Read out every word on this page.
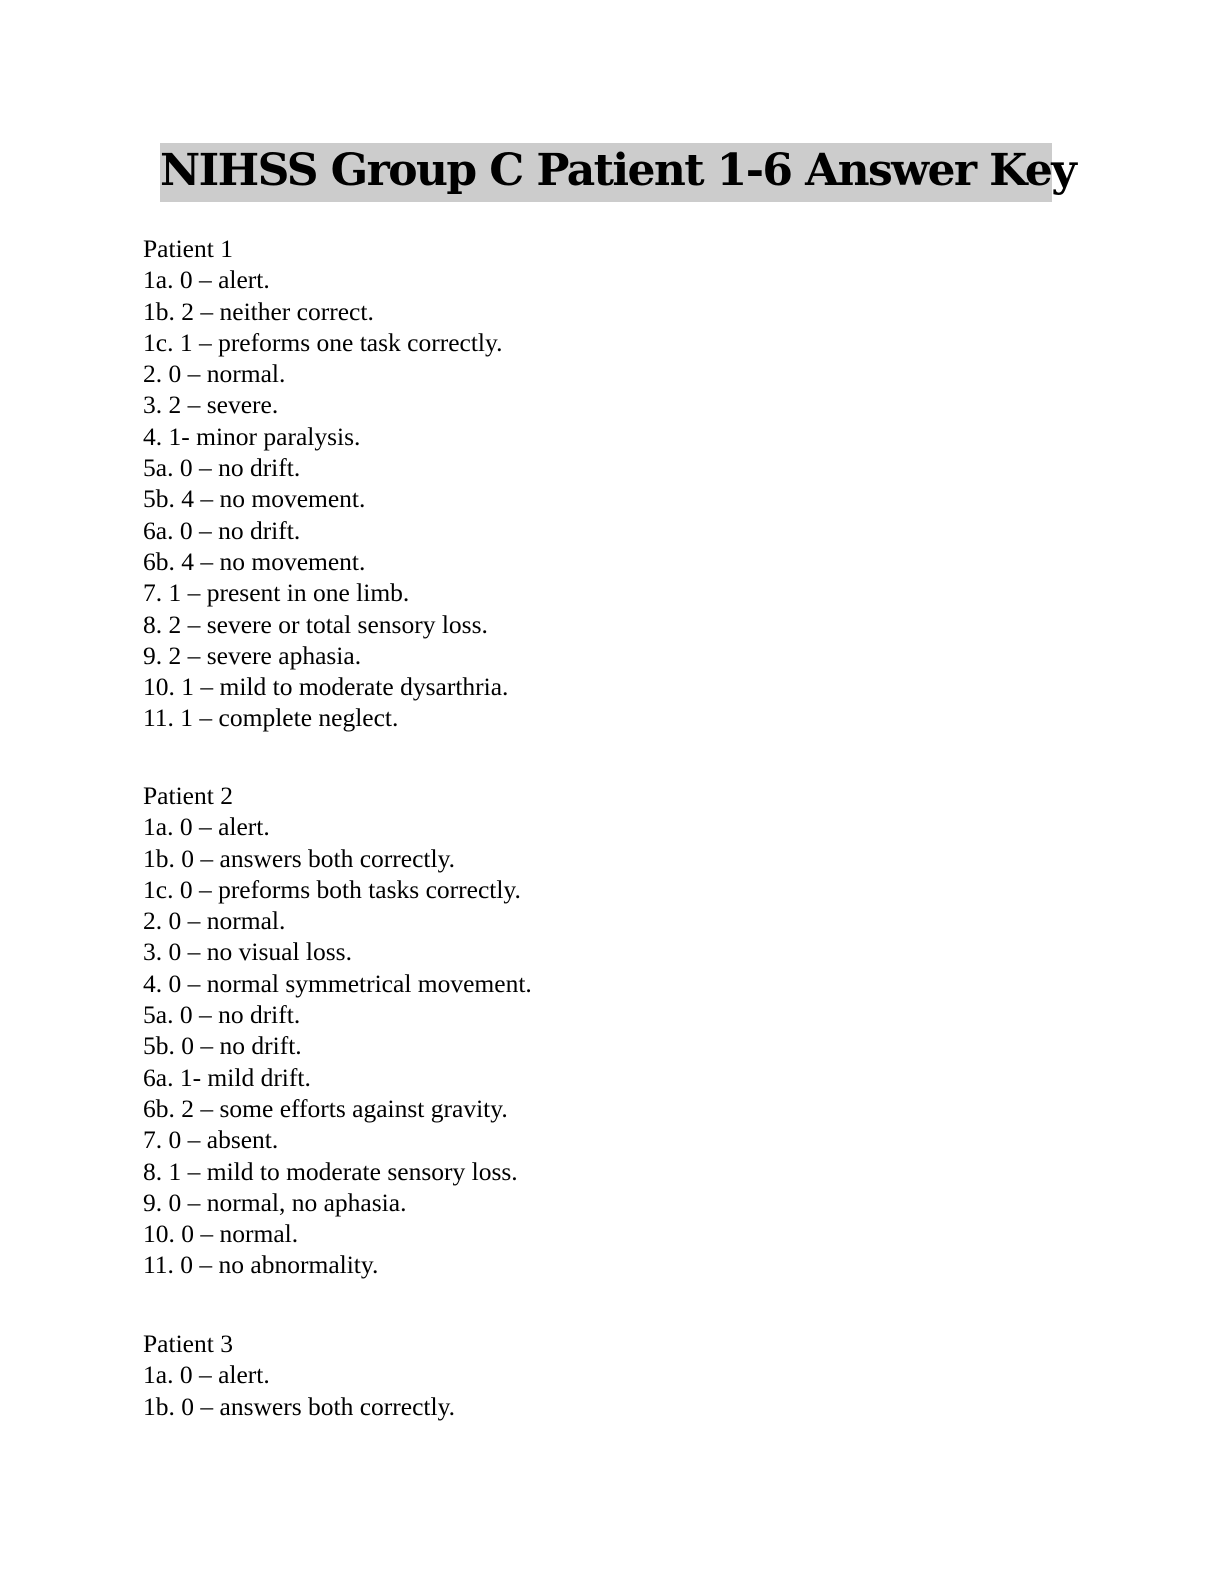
NIHSS Group C Patient 1-6 Answer Key
Patient 1
1a. 0 – alert.
1b. 2 – neither correct.
1c. 1 – preforms one task correctly.
2. 0 – normal.
3. 2 – severe.
4. 1- minor paralysis.
5a. 0 – no drift.
5b. 4 – no movement.
6a. 0 – no drift.
6b. 4 – no movement.
7. 1 – present in one limb.
8. 2 – severe or total sensory loss.
9. 2 – severe aphasia.
10. 1 – mild to moderate dysarthria.
11. 1 – complete neglect.
Patient 2
1a. 0 – alert.
1b. 0 – answers both correctly.
1c. 0 – preforms both tasks correctly.
2. 0 – normal.
3. 0 – no visual loss.
4. 0 – normal symmetrical movement.
5a. 0 – no drift.
5b. 0 – no drift.
6a. 1- mild drift.
6b. 2 – some efforts against gravity.
7. 0 – absent.
8. 1 – mild to moderate sensory loss.
9. 0 – normal, no aphasia.
10. 0 – normal.
11. 0 – no abnormality.
Patient 3
1a. 0 – alert.
1b. 0 – answers both correctly.
